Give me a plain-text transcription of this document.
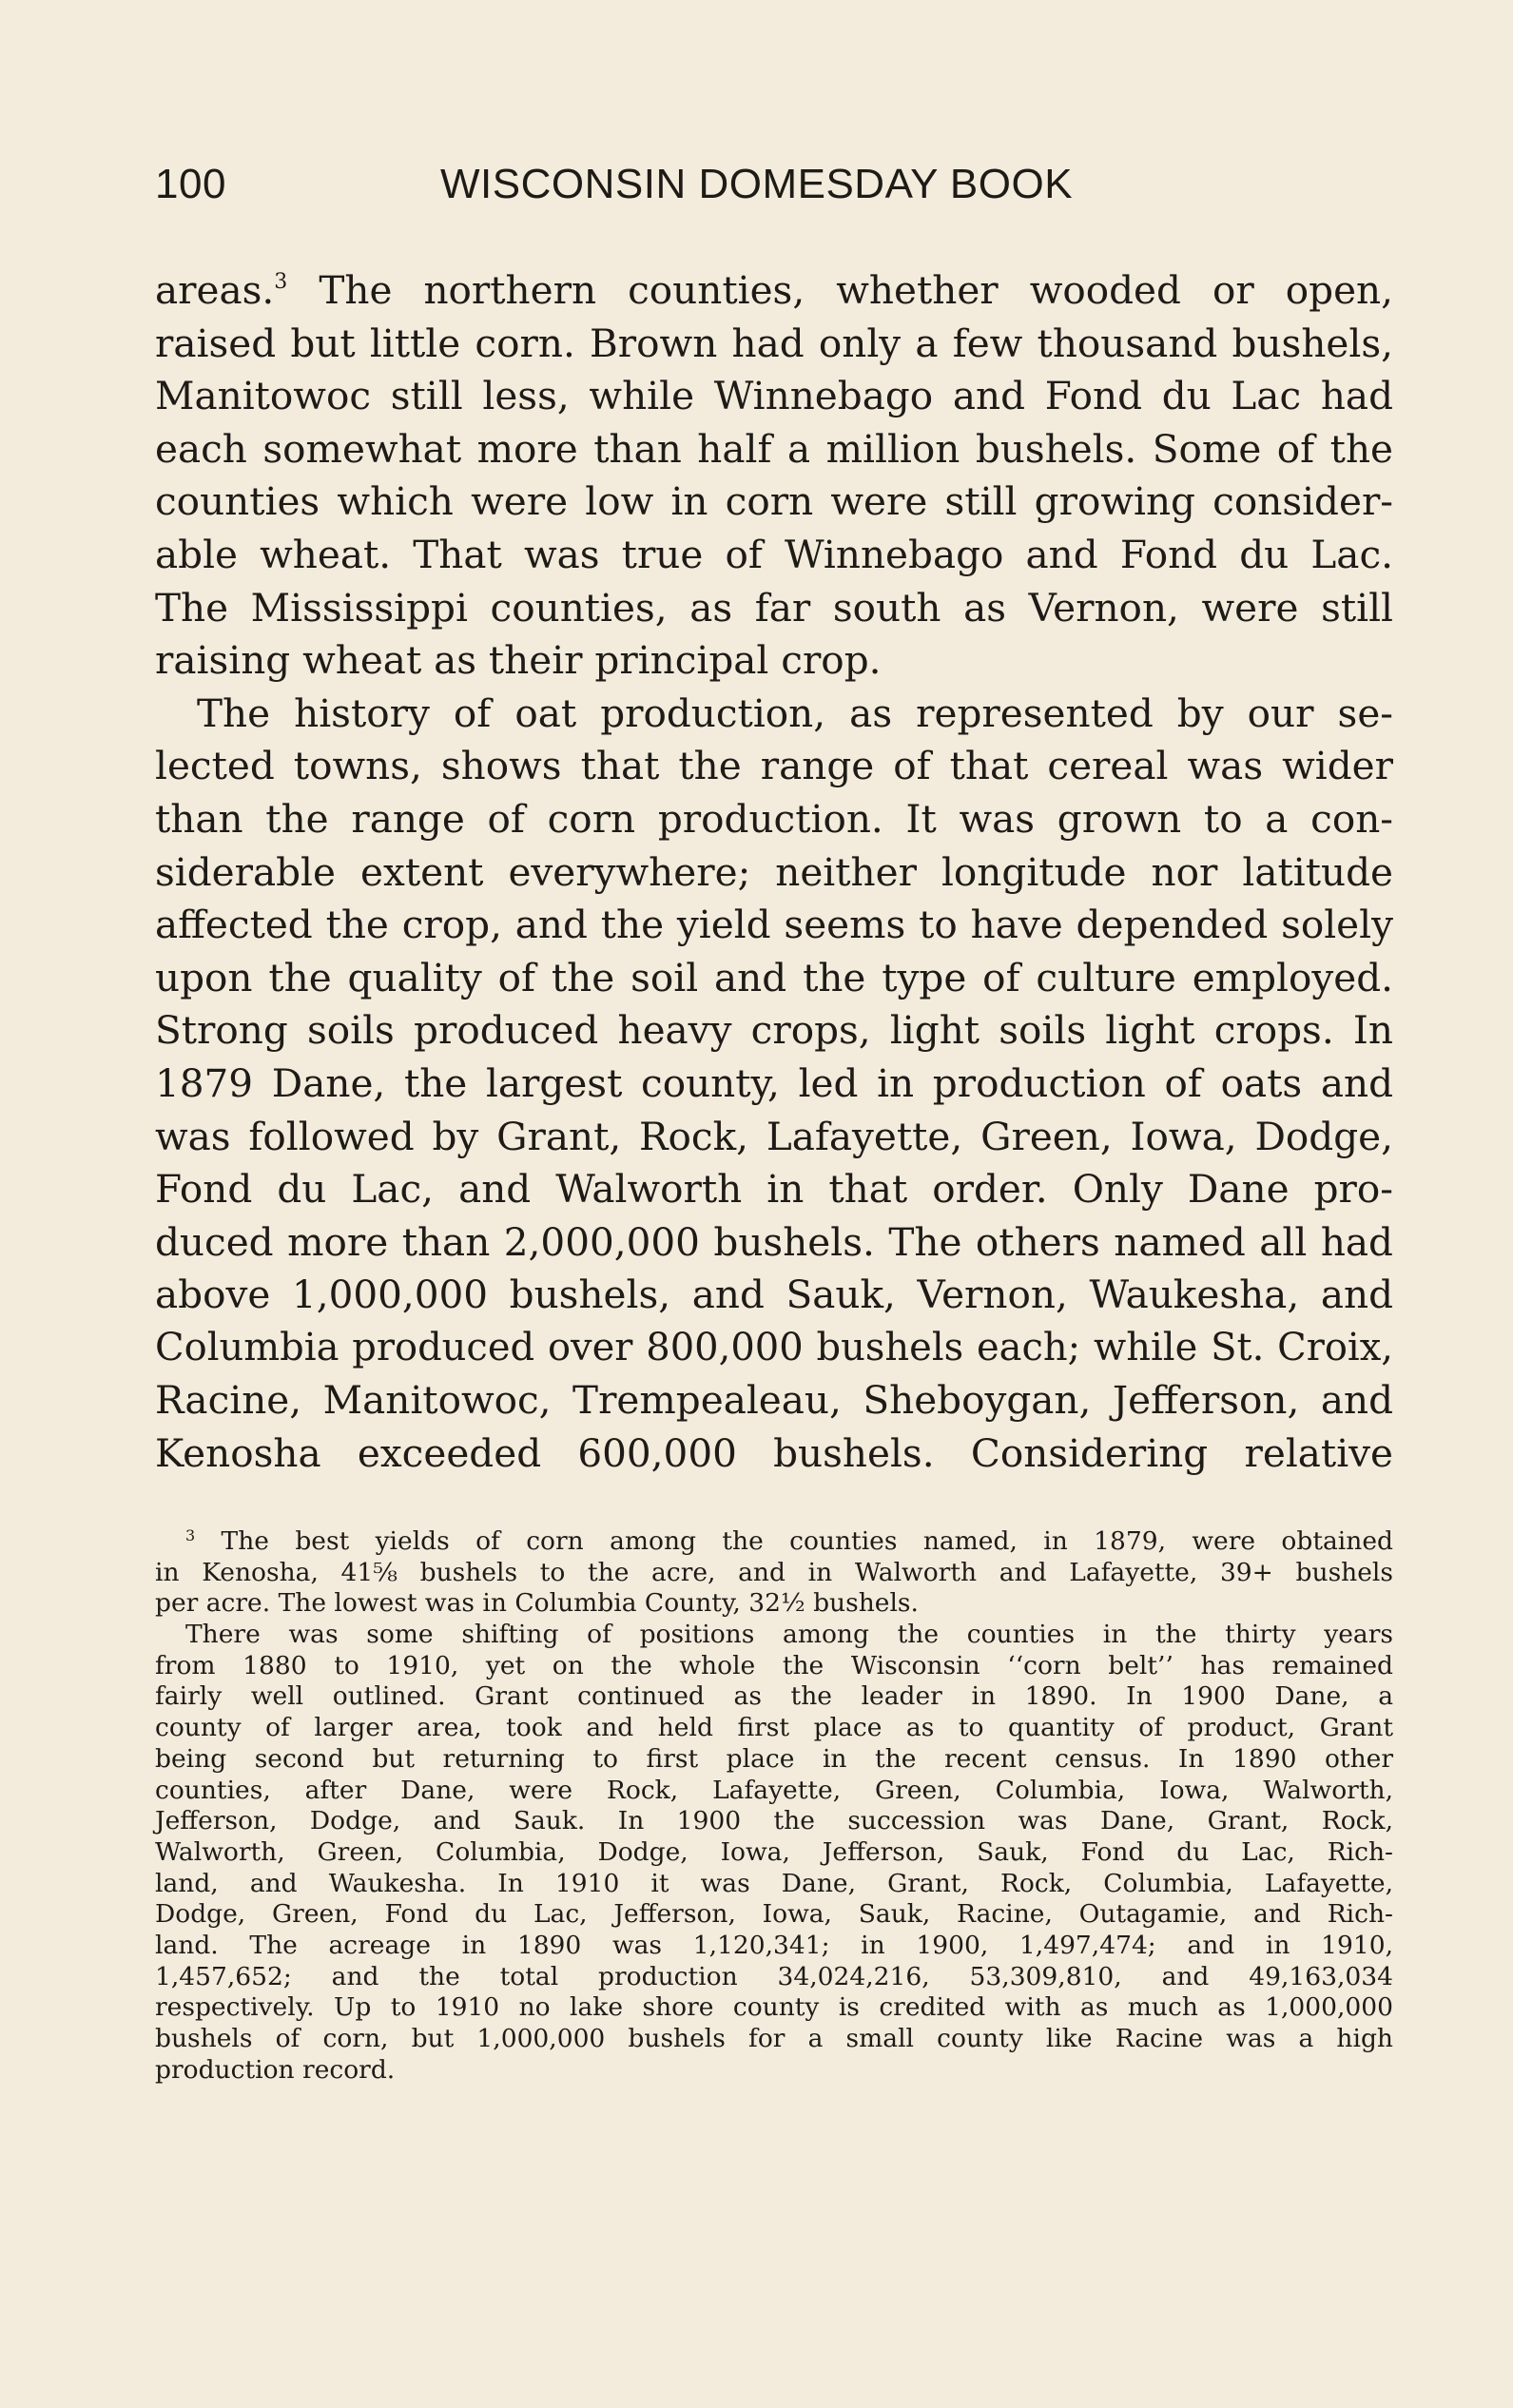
100	WISCONSIN DOMESDAY BOOK
areas.$^3$ The northern counties, whether wooded or open,
raised but little corn. Brown had only a few thousand bushels,
Manitowoc still less, while Winnebago and Fond du Lac had
each somewhat more than half a million bushels. Some of the
counties which were low in corn were still growing consider-
able wheat. That was true of Winnebago and Fond du Lac.
The Mississippi counties, as far south as Vernon, were still
raising wheat as their principal crop.
The history of oat production, as represented by our se-
lected towns, shows that the range of that cereal was wider
than the range of corn production. It was grown to a con-
siderable extent everywhere; neither longitude nor latitude
affected the crop, and the yield seems to have depended solely
upon the quality of the soil and the type of culture employed.
Strong soils produced heavy crops, light soils light crops. In
1879 Dane, the largest county, led in production of oats and
was followed by Grant, Rock, Lafayette, Green, Iowa, Dodge,
Fond du Lac, and Walworth in that order. Only Dane pro-
duced more than 2,000,000 bushels. The others named all had
above 1,000,000 bushels, and Sauk, Vernon, Waukesha, and
Columbia produced over 800,000 bushels each; while St. Croix,
Racine, Manitowoc, Trempealeau, Sheboygan, Jefferson, and
Kenosha exceeded 600,000 bushels. Considering relative
$^3$ The best yields of corn among the counties named, in 1879, were obtained
in Kenosha, 41⅝ bushels to the acre, and in Walworth and Lafayette, 39+ bushels
per acre. The lowest was in Columbia County, 32½ bushels.
There was some shifting of positions among the counties in the thirty years
from 1880 to 1910, yet on the whole the Wisconsin ‘‘corn belt’’ has remained
fairly well outlined. Grant continued as the leader in 1890. In 1900 Dane, a
county of larger area, took and held first place as to quantity of product, Grant
being second but returning to first place in the recent census. In 1890 other
counties, after Dane, were Rock, Lafayette, Green, Columbia, Iowa, Walworth,
Jefferson, Dodge, and Sauk. In 1900 the succession was Dane, Grant, Rock,
Walworth, Green, Columbia, Dodge, Iowa, Jefferson, Sauk, Fond du Lac, Rich-
land, and Waukesha. In 1910 it was Dane, Grant, Rock, Columbia, Lafayette,
Dodge, Green, Fond du Lac, Jefferson, Iowa, Sauk, Racine, Outagamie, and Rich-
land. The acreage in 1890 was 1,120,341; in 1900, 1,497,474; and in 1910,
1,457,652; and the total production 34,024,216, 53,309,810, and 49,163,034
respectively. Up to 1910 no lake shore county is credited with as much as 1,000,000
bushels of corn, but 1,000,000 bushels for a small county like Racine was a high
production record.
